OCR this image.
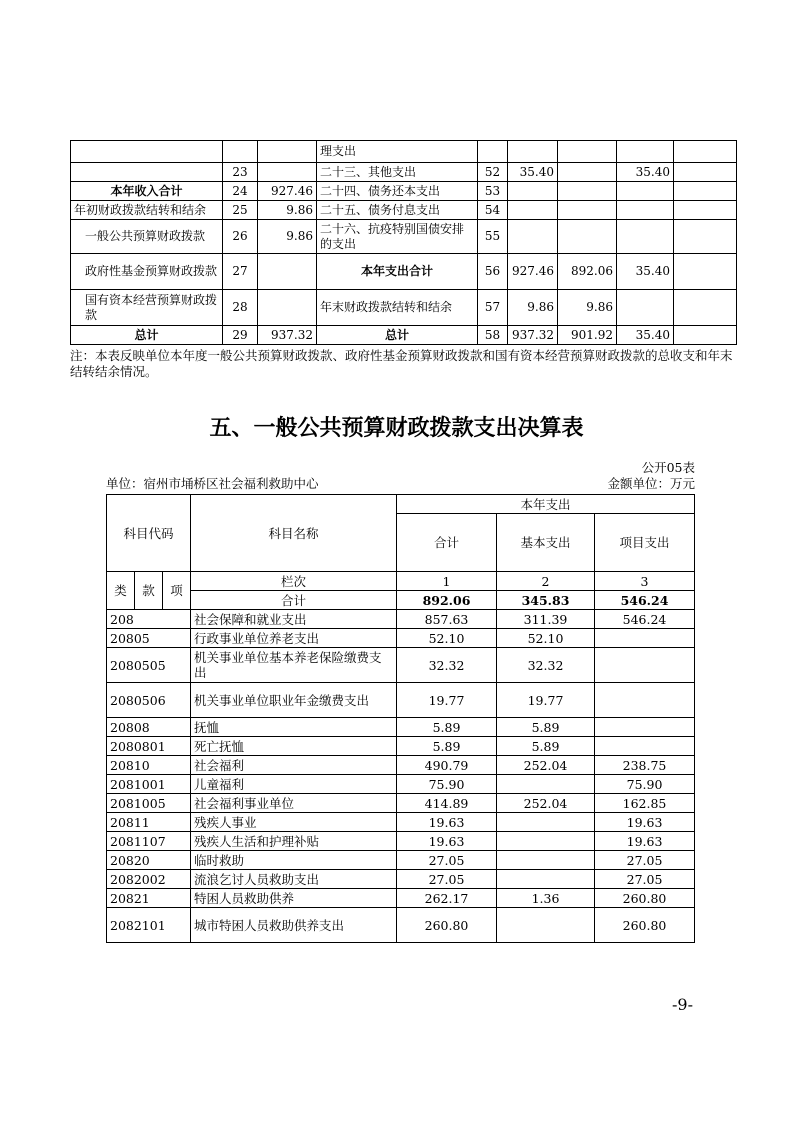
			理支出					
	23		二十三、其他支出	52	35.40		35.40	
本年收入合计	24	927.46	二十四、债务还本支出	53				
年初财政拨款结转和结余	25	9.86	二十五、债务付息支出	54				
一般公共预算财政拨款	26	9.86	二十六、抗疫特别国债安排的支出	55				
政府性基金预算财政拨款	27		本年支出合计	56	927.46	892.06	35.40	
国有资本经营预算财政拨款	28		年末财政拨款结转和结余	57	9.86	9.86		
总计	29	937.32	总计	58	937.32	901.92	35.40	
注：本表反映单位本年度一般公共预算财政拨款、政府性基金预算财政拨款和国有资本经营预算财政拨款的总收支和年末结转结余情况。
五、一般公共预算财政拨款支出决算表
公开05表
单位：宿州市埇桥区社会福利救助中心	金额单位：万元
科目代码			科目名称	本年支出		
				合计	基本支出	项目支出

类	款	项	栏次	1	2	3
			合计	892.06	345.83	546.24
208			社会保障和就业支出	857.63	311.39	546.24
20805			行政事业单位养老支出	52.10	52.10	
2080505			机关事业单位基本养老保险缴费支出	32.32	32.32	
2080506			机关事业单位职业年金缴费支出	19.77	19.77	
20808			抚恤	5.89	5.89	
2080801			死亡抚恤	5.89	5.89	
20810			社会福利	490.79	252.04	238.75
2081001			儿童福利	75.90		75.90
2081005			社会福利事业单位	414.89	252.04	162.85
20811			残疾人事业	19.63		19.63
2081107			残疾人生活和护理补贴	19.63		19.63
20820			临时救助	27.05		27.05
2082002			流浪乞讨人员救助支出	27.05		27.05
20821			特困人员救助供养	262.17	1.36	260.80
2082101			城市特困人员救助供养支出	260.80		260.80
-9-
